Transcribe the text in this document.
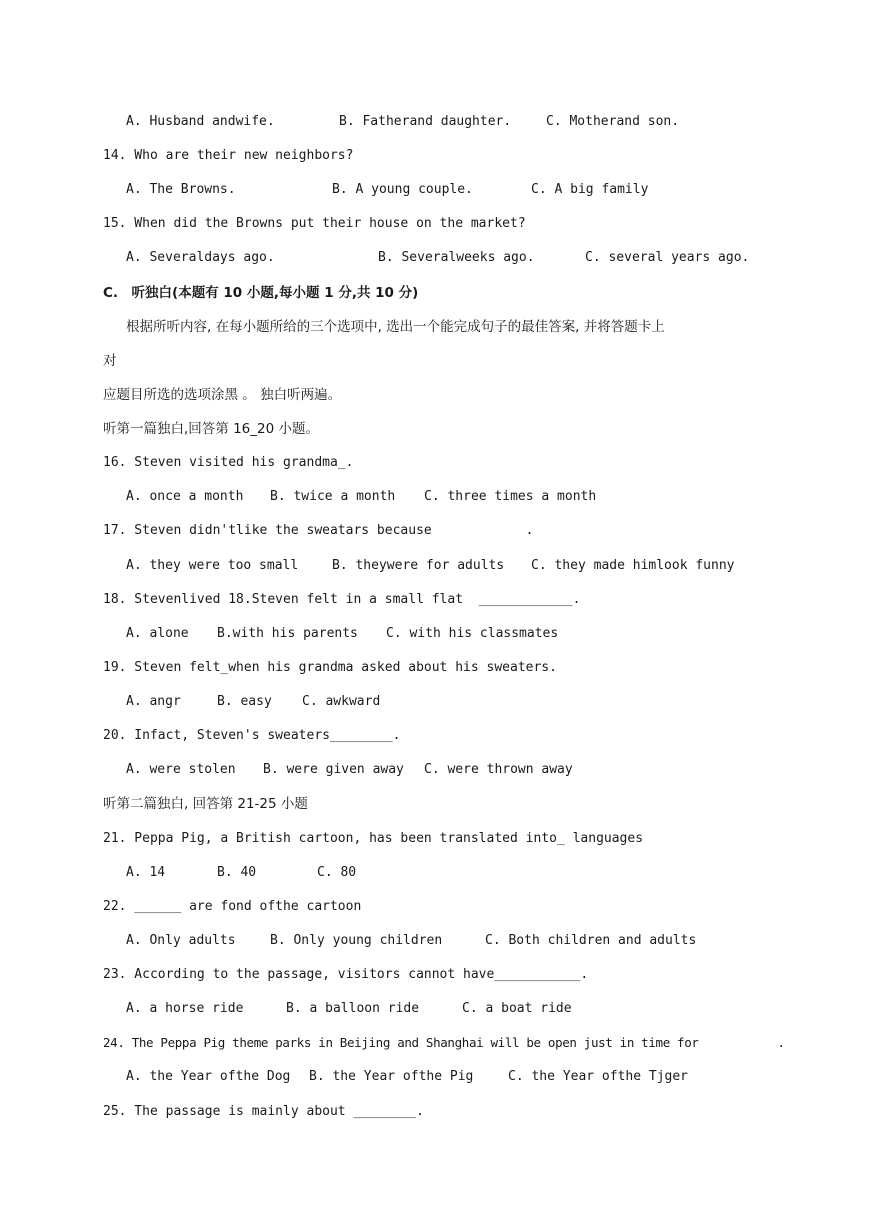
A. Husband andwife.	B. Fatherand daughter.	C. Motherand son.
14. Who are their new neighbors?
A. The Browns.	B. A young couple.	C. A big family
15. When did the Browns put their house on the market?
A. Severaldays ago.	B. Severalweeks ago.	C. several years ago.
C.　听独白(本题有 10 小题,每小题 1 分,共 10 分)
根据所听内容, 在每小题所给的三个选项中, 选出一个能完成句子的最佳答案, 并将答题卡上
对
应题目所选的选项涂黑 。 独白听两遍。
听第一篇独白,回答第 16_20 小题。
16. Steven visited his grandma_.
A. once a month B. twice a month C. three times a month
17. Steven didn'tlike the sweatars because            .
A. they were too small	B. theywere for adults C. they made himlook funny
18. Stevenlived 18.Steven felt in a small flat  ____________.
A. alone B.with his parents C. with his classmates
19. Steven felt_when his grandma asked about his sweaters.
A. angr	B. easy C. awkward
20. Infact, Steven's sweaters________.
A. were stolen B. were given away C. were thrown away
听第二篇独白, 回答第 21-25 小题
21. Peppa Pig, a British cartoon, has been translated into_ languages
A. 14	B. 40	C. 80
22. ______ are fond ofthe cartoon
A. Only adults	B. Only young children	C. Both children and adults
23. According to the passage, visitors cannot have___________.
A. a horse ride	B. a balloon ride	C. a boat ride
24. The Peppa Pig theme parks in Beijing and Shanghai will be open just in time for           .
A. the Year ofthe Dog B. the Year ofthe Pig	C. the Year ofthe Tjger
25. The passage is mainly about ________.
